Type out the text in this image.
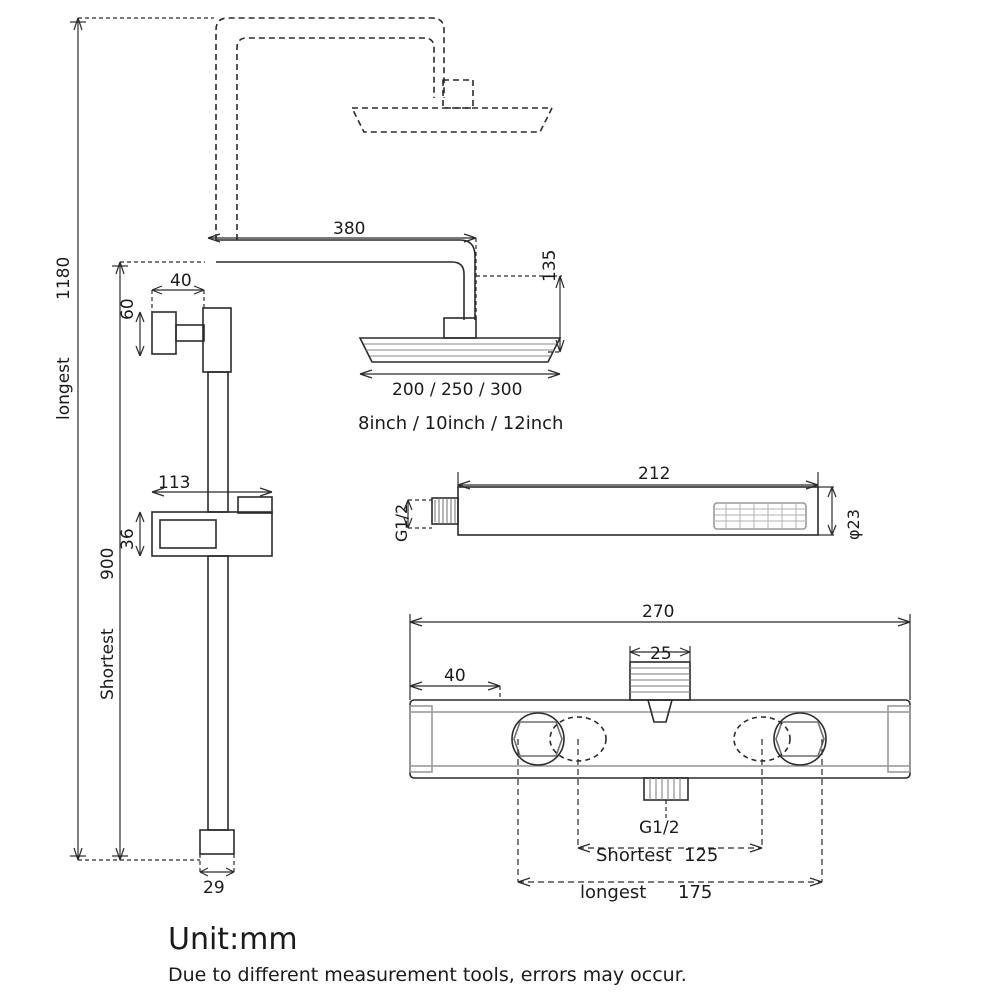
1180
longest
900
Shortest
380
40
60
135
200 / 250 / 300
8inch / 10inch / 12inch
113
36
29
212
G1/2	φ23
270
40
25
G1/2
Shortest 125
longest 175
Unit:mm
Due to different measurement tools, errors may occur.
